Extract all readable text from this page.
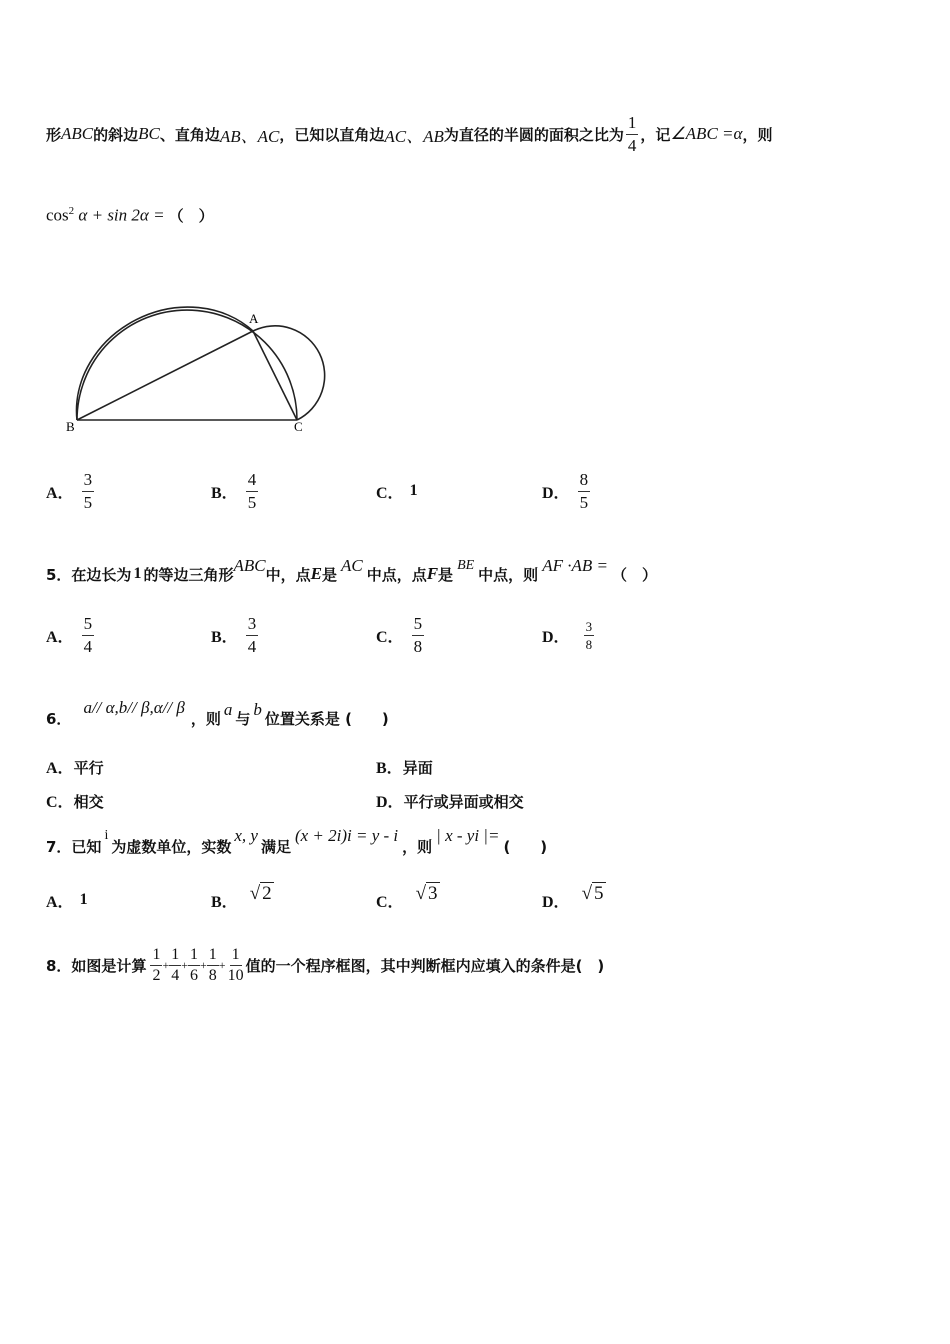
形 ABC 的斜边 BC 、直角边 AB、AC ，已知以直角边 AC、AB 为直径的半圆的面积之比为 $\frac{1}{4}$ ，记 ∠ABC =α ，则
$\cos^2 \alpha + \sin 2\alpha$ = （　）
A
B	C
A． $\frac{3}{5}$	B． $\frac{4}{5}$	C． 1	D． $\frac{8}{5}$
5．在边长为 1 的等边三角形 ABC 中，点 E 是 AC 中点，点 F 是 BE 中点，则 AF ·AB = （　）
A． $\frac{5}{4}$	B． $\frac{3}{4}$	C． $\frac{5}{8}$	D． $\frac{3}{8}$
6．
a// α,b// β,α// β
，则 a 与 b 位置关系是 (　　)
A．平行	B．异面
C．相交	D．平行或异面或相交
7．已知
i
为虚数单位，实数
x, y
满足
(x + 2i)i = y - i
，则
| x - yi |=
(　　)
A． 1	B． √ 2	C． √ 3	D． √ 5
8．如图是计算 $\frac{1}{2} + \frac{1}{4} + \frac{1}{6} + \frac{1}{8} + \frac{1}{10}$ 值的一个程序框图，其中判断框内应填入的条件是(　)
